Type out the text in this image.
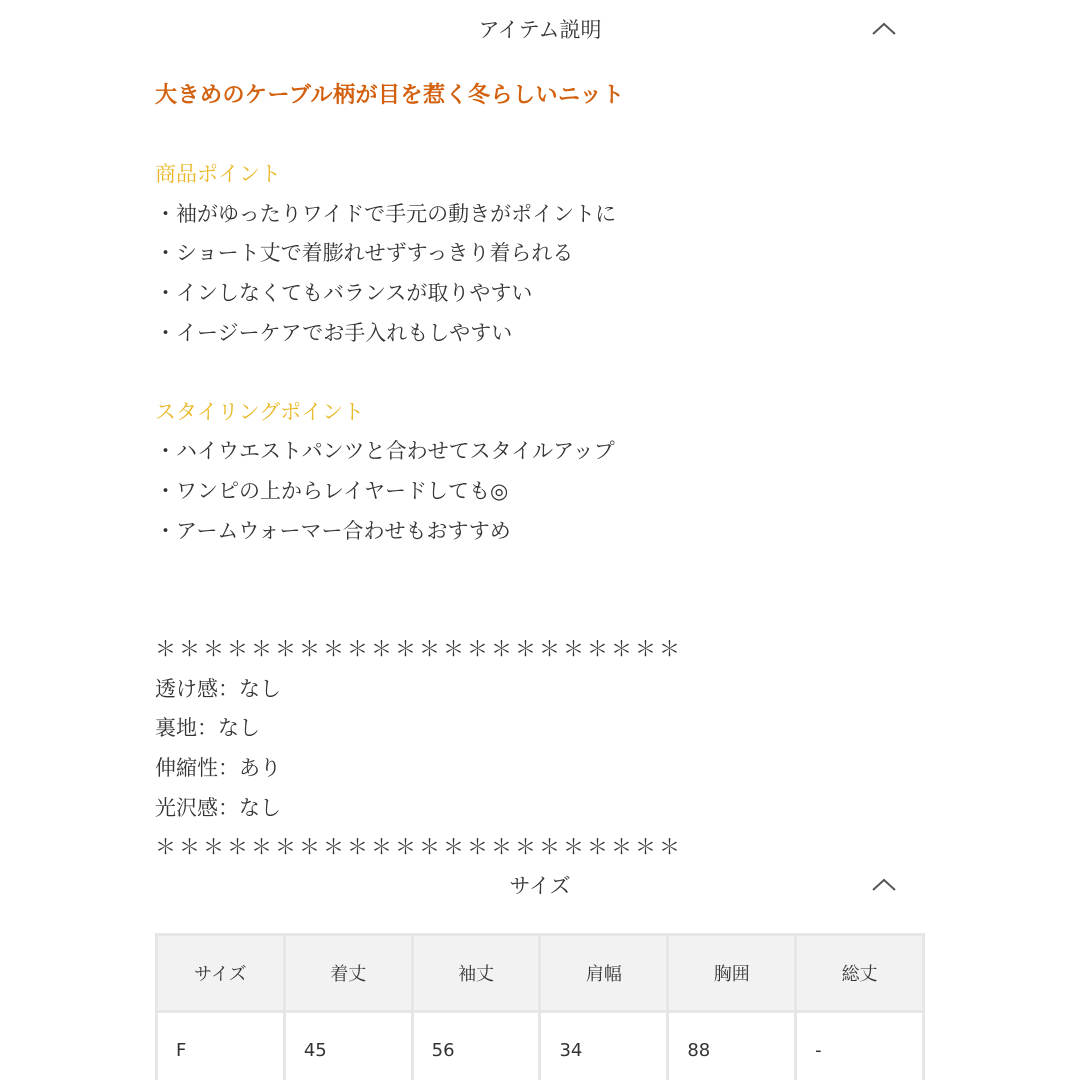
アイテム説明
大きめのケーブル柄が目を惹く冬らしいニット
商品ポイント
・袖がゆったりワイドで手元の動きがポイントに
・ショート丈で着膨れせずすっきり着られる
・インしなくてもバランスが取りやすい
・イージーケアでお手入れもしやすい
スタイリングポイント
・ハイウエストパンツと合わせてスタイルアップ
・ワンピの上からレイヤードしても◎
・アームウォーマー合わせもおすすめ
＊＊＊＊＊＊＊＊＊＊＊＊＊＊＊＊＊＊＊＊＊＊
透け感：なし
裏地：なし
伸縮性：あり
光沢感：なし
＊＊＊＊＊＊＊＊＊＊＊＊＊＊＊＊＊＊＊＊＊＊
サイズ
サイズ	着丈	袖丈	肩幅	胸囲	総丈
F	45	56	34	88	-
